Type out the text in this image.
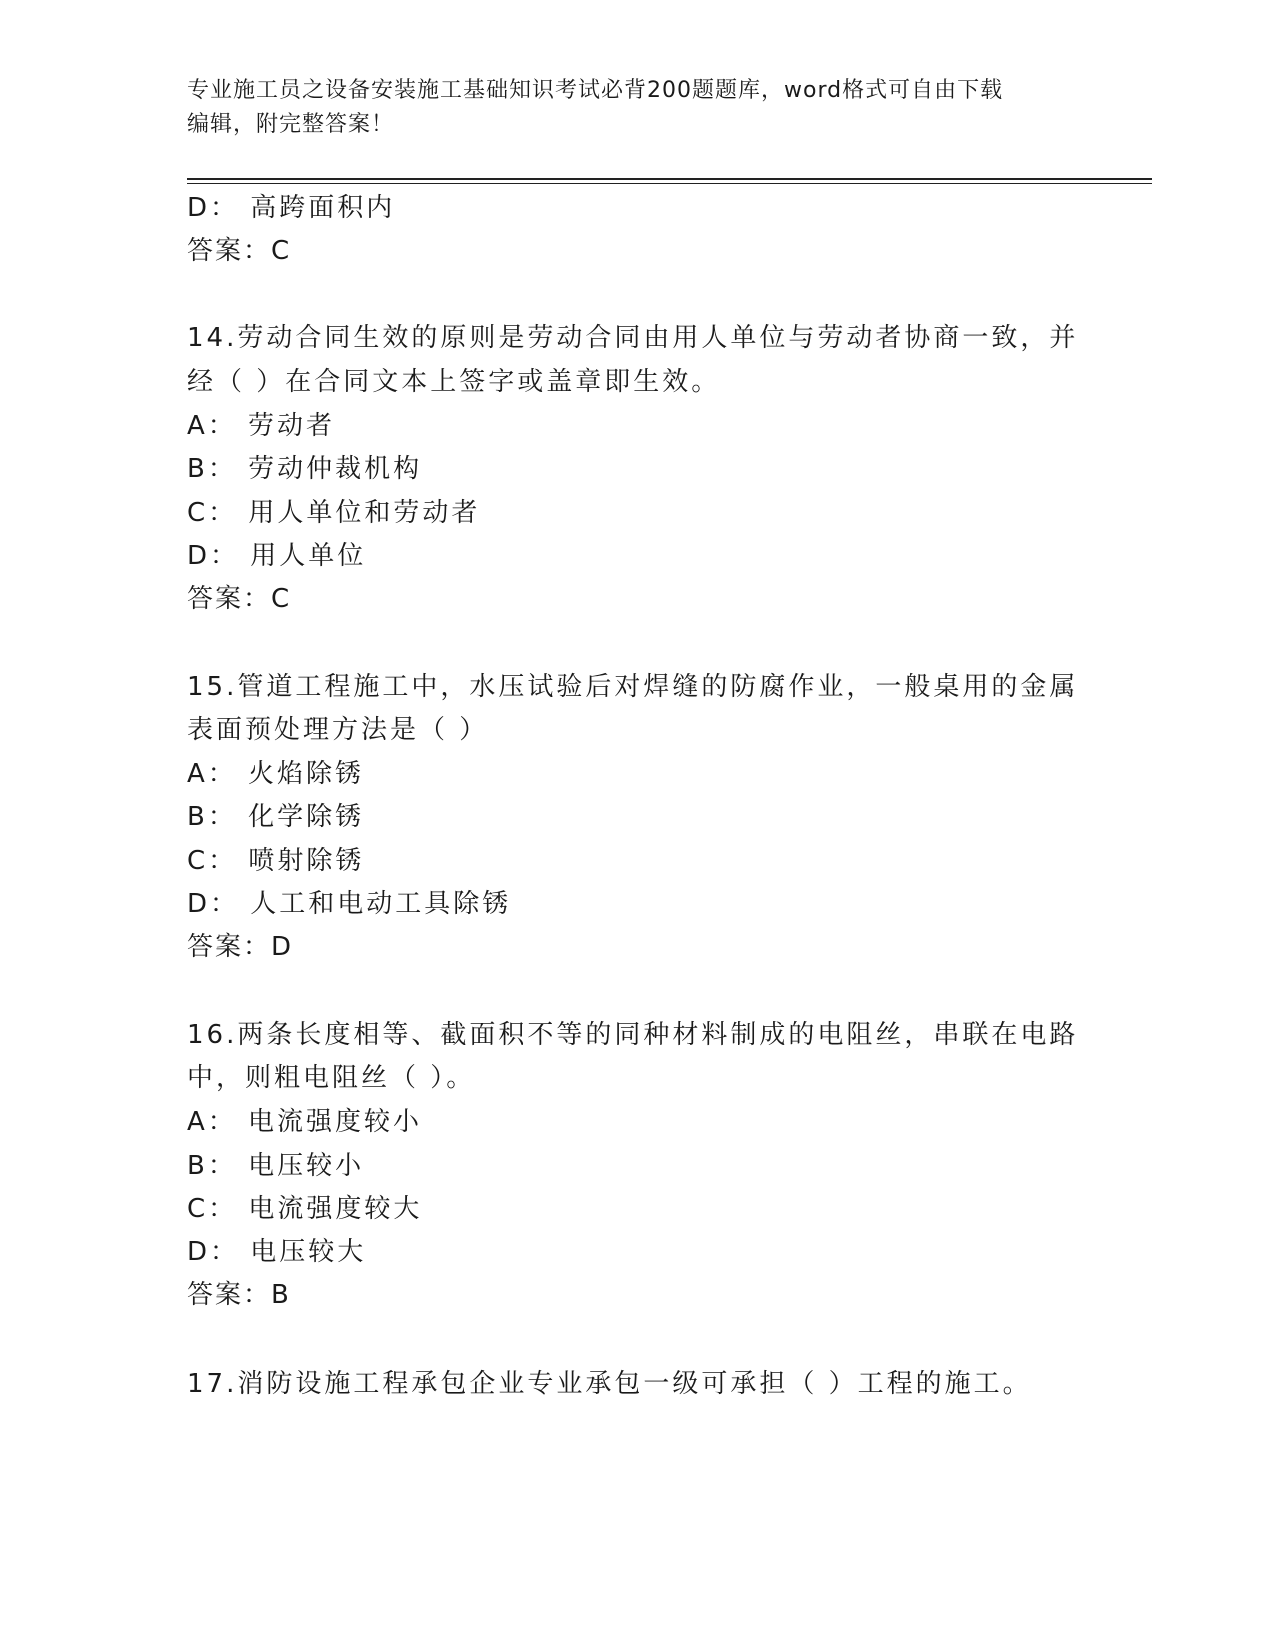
专业施工员之设备安装施工基础知识考试必背200题题库，word格式可自由下载
编辑，附完整答案！
D： 高跨面积内
答案：C
14.劳动合同生效的原则是劳动合同由用人单位与劳动者协商一致，并
经（ ）在合同文本上签字或盖章即生效。
A： 劳动者
B： 劳动仲裁机构
C： 用人单位和劳动者
D： 用人单位
答案：C
15.管道工程施工中，水压试验后对焊缝的防腐作业，一般桌用的金属
表面预处理方法是（ ）
A： 火焰除锈
B： 化学除锈
C： 喷射除锈
D： 人工和电动工具除锈
答案：D
16.两条长度相等、截面积不等的同种材料制成的电阻丝，串联在电路
中，则粗电阻丝（ ）。
A： 电流强度较小
B： 电压较小
C： 电流强度较大
D： 电压较大
答案：B
17.消防设施工程承包企业专业承包一级可承担（ ）工程的施工。
